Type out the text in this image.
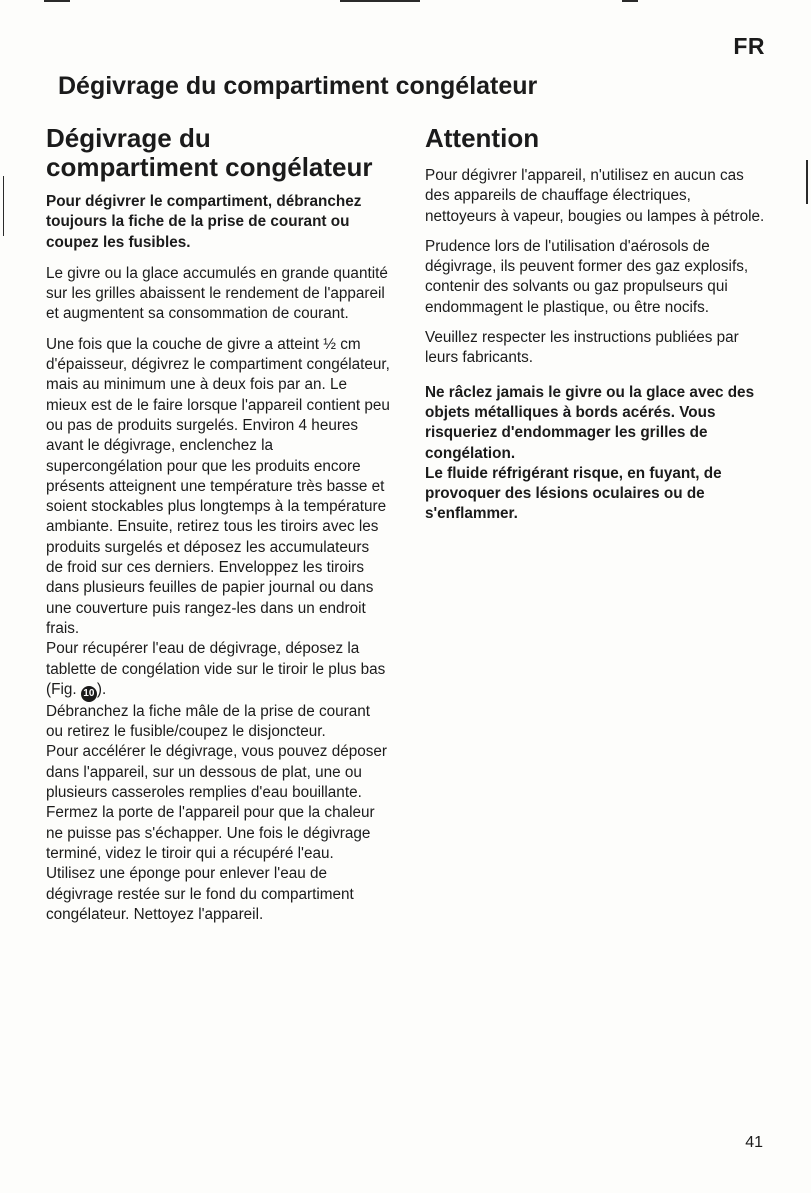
FR
Dégivrage du compartiment congélateur
Dégivrage du
compartiment congélateur

Pour dégivrer le compartiment, débranchez toujours la fiche de la prise de courant ou coupez les fusibles.

Le givre ou la glace accumulés en grande quantité sur les grilles abaissent le rendement de l'appareil et augmentent sa consommation de courant.

Une fois que la couche de givre a atteint ½ cm d'épaisseur, dégivrez le compartiment congélateur, mais au minimum une à deux fois par an. Le mieux est de le faire lorsque l'appareil contient peu ou pas de produits surgelés. Environ 4 heures avant le dégivrage, enclenchez la supercongélation pour que les produits encore présents atteignent une température très basse et soient stockables plus longtemps à la température ambiante. Ensuite, retirez tous les tiroirs avec les produits surgelés et déposez les accumulateurs de froid sur ces derniers. Enveloppez les tiroirs dans plusieurs feuilles de papier journal ou dans une couverture puis rangez-les dans un endroit frais.
Pour récupérer l'eau de dégivrage, déposez la tablette de congélation vide sur le tiroir le plus bas (Fig. 10 ).
Débranchez la fiche mâle de la prise de courant ou retirez le fusible/coupez le disjoncteur.
Pour accélérer le dégivrage, vous pouvez déposer dans l'appareil, sur un dessous de plat, une ou plusieurs casseroles remplies d'eau bouillante.
Fermez la porte de l'appareil pour que la chaleur ne puisse pas s'échapper. Une fois le dégivrage terminé, videz le tiroir qui a récupéré l'eau.
Utilisez une éponge pour enlever l'eau de dégivrage restée sur le fond du compartiment congélateur. Nettoyez l'appareil.

Attention

Pour dégivrer l'appareil, n'utilisez en aucun cas des appareils de chauffage électriques, nettoyeurs à vapeur, bougies ou lampes à pétrole.

Prudence lors de l'utilisation d'aérosols de dégivrage, ils peuvent former des gaz explosifs, contenir des solvants ou gaz propulseurs qui endommagent le plastique, ou être nocifs.

Veuillez respecter les instructions publiées par leurs fabricants.

Ne râclez jamais le givre ou la glace avec des objets métalliques à bords acérés. Vous risqueriez d'endommager les grilles de congélation.

Le fluide réfrigérant risque, en fuyant, de provoquer des lésions oculaires ou de s'enflammer.

41
